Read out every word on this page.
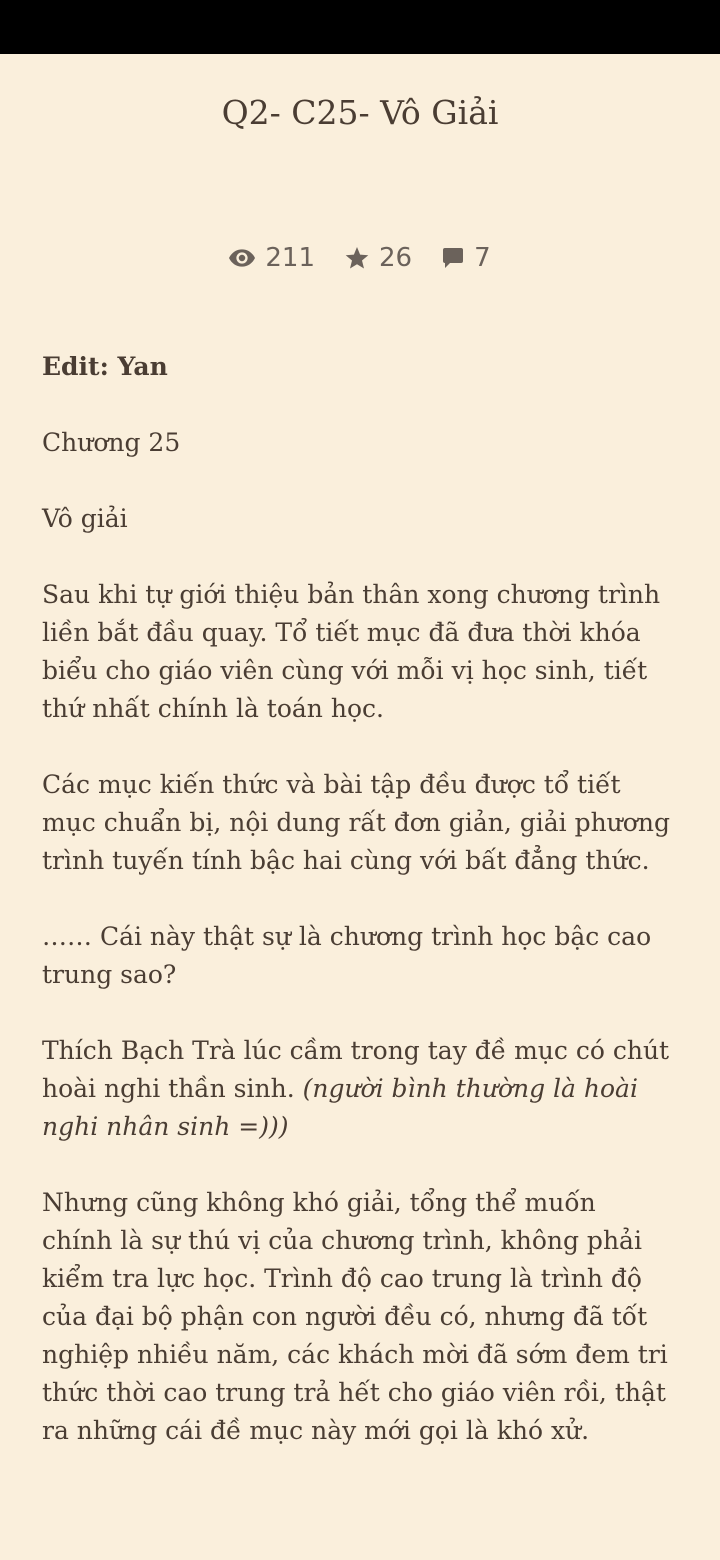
Q2- C25- Vô Giải
211 26 7

Edit: Yan

Chương 25

Vô giải

Sau khi tự giới thiệu bản thân xong chương trình liền bắt đầu quay. Tổ tiết mục đã đưa thời khóa biểu cho giáo viên cùng với mỗi vị học sinh, tiết thứ nhất chính là toán học.

Các mục kiến thức và bài tập đều được tổ tiết mục chuẩn bị, nội dung rất đơn giản, giải phương trình tuyến tính bậc hai cùng với bất đẳng thức.

…… Cái này thật sự là chương trình học bậc cao trung sao?

Thích Bạch Trà lúc cầm trong tay đề mục có chút hoài nghi thần sinh. (người bình thường là hoài nghi nhân sinh =)))

Nhưng cũng không khó giải, tổng thể muốn chính là sự thú vị của chương trình, không phải kiểm tra lực học. Trình độ cao trung là trình độ của đại bộ phận con người đều có, nhưng đã tốt nghiệp nhiều năm, các khách mời đã sớm đem tri thức thời cao trung trả hết cho giáo viên rồi, thật ra những cái đề mục này mới gọi là khó xử.
